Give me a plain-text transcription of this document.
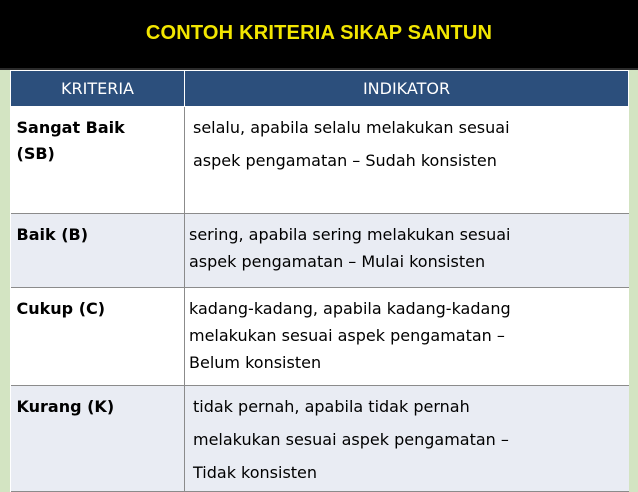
CONTOH KRITERIA SIKAP SANTUN
KRITERIA	INDIKATOR

Sangat Baik
(SB)	selalu, apabila selalu melakukan sesuai
aspek pengamatan – Sudah konsisten

Baik (B)	sering, apabila sering melakukan sesuai
aspek pengamatan – Mulai konsisten

Cukup (C)	kadang-kadang, apabila kadang-kadang
melakukan sesuai aspek pengamatan –
Belum konsisten

Kurang (K)	tidak pernah, apabila tidak pernah
melakukan sesuai aspek pengamatan –
Tidak konsisten
